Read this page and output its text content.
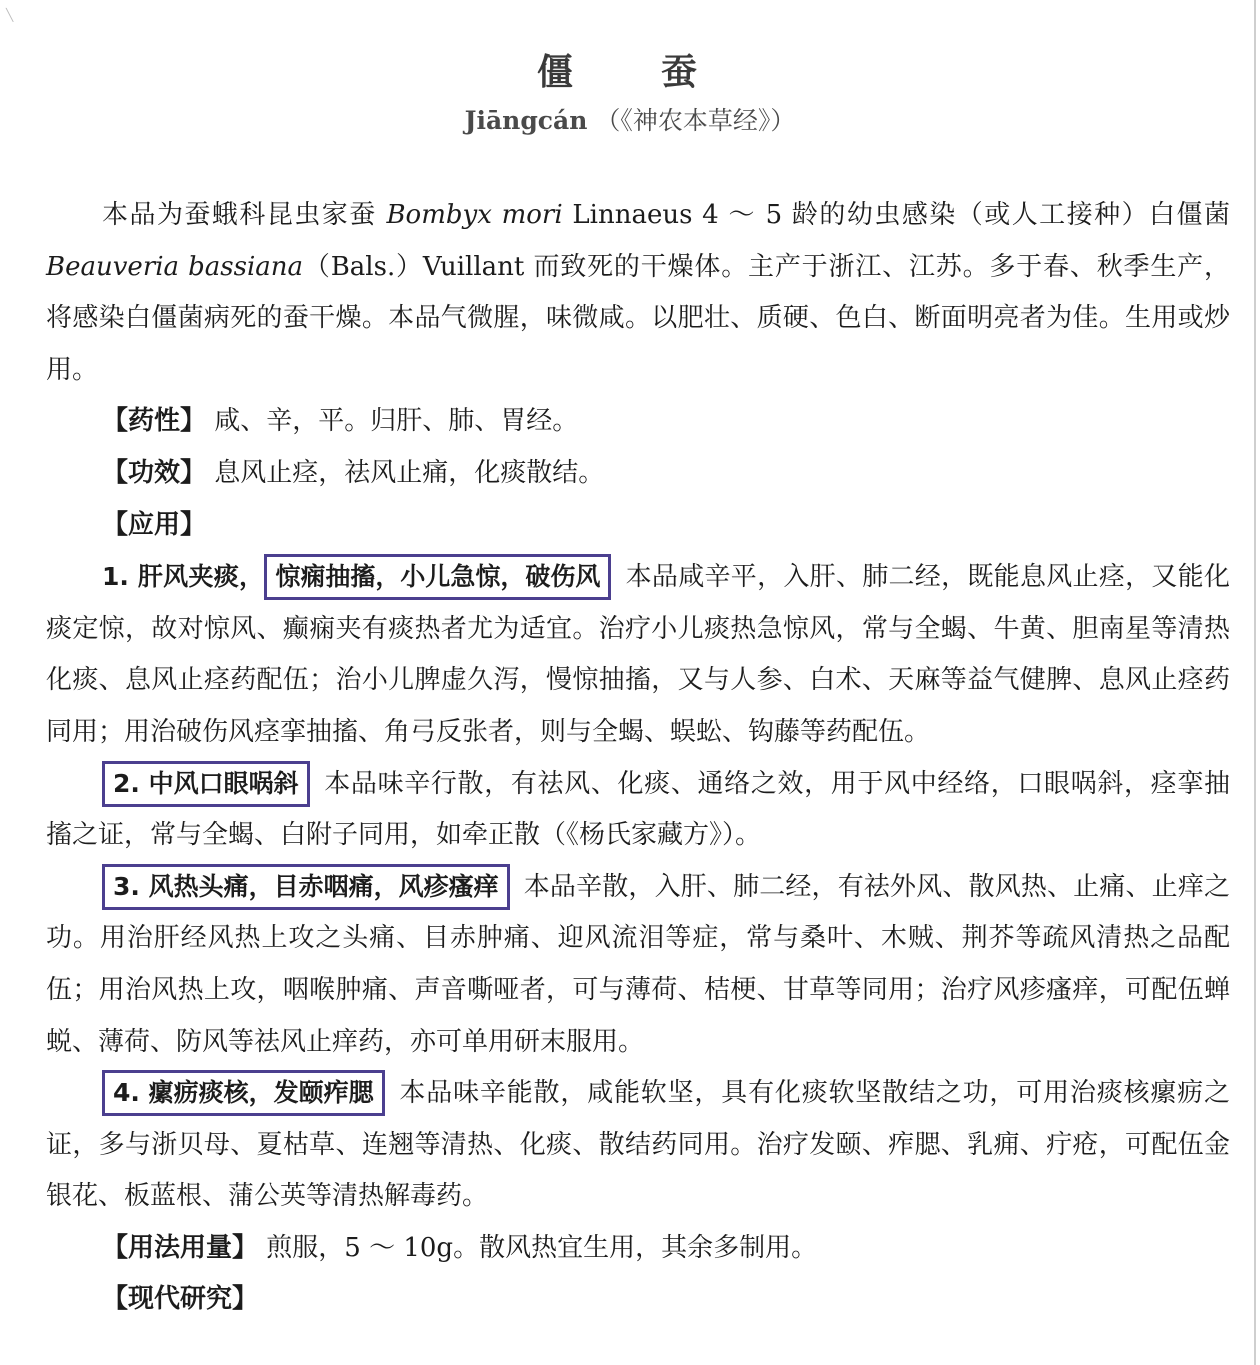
╲
僵　蚕
Jiāngcán （《神农本草经》）

本品为蚕蛾科昆虫家蚕 Bombyx mori Linnaeus 4 ～ 5 龄的幼虫感染（或人工接种）白僵菌 Beauveria bassiana（Bals.）Vuillant 而致死的干燥体。主产于浙江、江苏。多于春、秋季生产，将感染白僵菌病死的蚕干燥。本品气微腥，味微咸。以肥壮、质硬、色白、断面明亮者为佳。生用或炒用。

【药性】 咸、辛，平。归肝、肺、胃经。

【功效】 息风止痉，祛风止痛，化痰散结。

【应用】

1. 肝风夹痰， 惊痫抽搐，小儿急惊，破伤风 本品咸辛平，入肝、肺二经，既能息风止痉，又能化痰定惊，故对惊风、癫痫夹有痰热者尤为适宜。治疗小儿痰热急惊风，常与全蝎、牛黄、胆南星等清热化痰、息风止痉药配伍；治小儿脾虚久泻，慢惊抽搐，又与人参、白术、天麻等益气健脾、息风止痉药同用；用治破伤风痉挛抽搐、角弓反张者，则与全蝎、蜈蚣、钩藤等药配伍。

2. 中风口眼㖞斜 本品味辛行散，有祛风、化痰、通络之效，用于风中经络，口眼㖞斜，痉挛抽搐之证，常与全蝎、白附子同用，如牵正散（《杨氏家藏方》）。

3. 风热头痛，目赤咽痛，风疹瘙痒 本品辛散，入肝、肺二经，有祛外风、散风热、止痛、止痒之功。用治肝经风热上攻之头痛、目赤肿痛、迎风流泪等症，常与桑叶、木贼、荆芥等疏风清热之品配伍；用治风热上攻，咽喉肿痛、声音嘶哑者，可与薄荷、桔梗、甘草等同用；治疗风疹瘙痒，可配伍蝉蜕、薄荷、防风等祛风止痒药，亦可单用研末服用。

4. 瘰疬痰核，发颐痄腮 本品味辛能散，咸能软坚，具有化痰软坚散结之功，可用治痰核瘰疬之证，多与浙贝母、夏枯草、连翘等清热、化痰、散结药同用。治疗发颐、痄腮、乳痈、疔疮，可配伍金银花、板蓝根、蒲公英等清热解毒药。

【用法用量】 煎服，5 ～ 10g。散风热宜生用，其余多制用。

【现代研究】
